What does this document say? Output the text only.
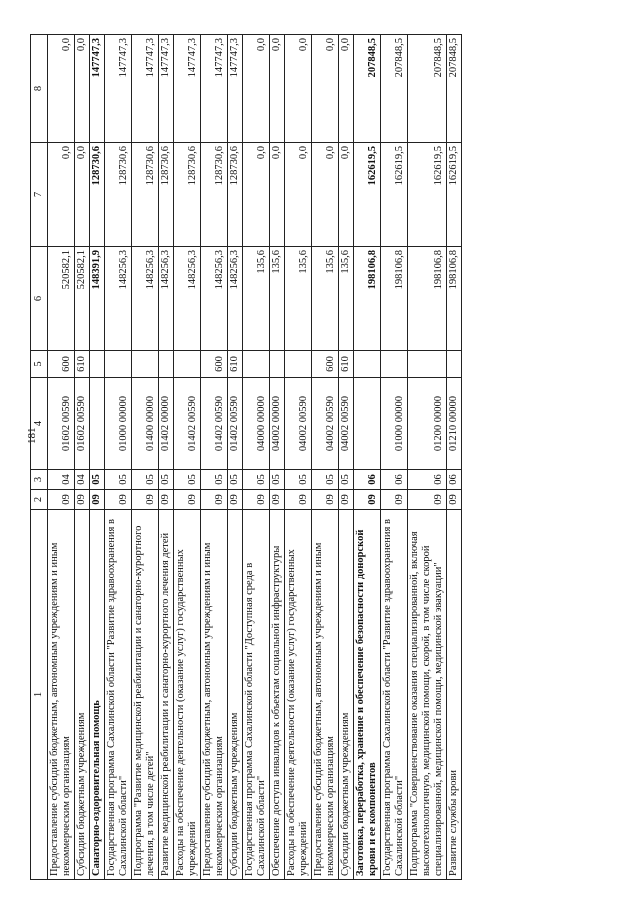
181
1	2	3	4	5	6	7	8
Предоставление субсидий бюджетным, автономным учреждениям и иным некоммерческим организациям	09	04	01602 00590	600	520582,1	0,0	0,0
Субсидии бюджетным учреждениям	09	04	01602 00590	610	520582,1	0,0	0,0
Санаторно-оздоровительная помощь	09	05			148391,9	128730,6	147747,3
Государственная программа Сахалинской области "Развитие здравоохранения в Сахалинской области"	09	05	01000 00000		148256,3	128730,6	147747,3
Подпрограмма "Развитие медицинской реабилитации и санаторно-курортного лечения, в том числе детей"	09	05	01400 00000		148256,3	128730,6	147747,3
Развитие медицинской реабилитации и санаторно-курортного лечения детей	09	05	01402 00000		148256,3	128730,6	147747,3
Расходы на обеспечение деятельности (оказание услуг) государственных учреждений	09	05	01402 00590		148256,3	128730,6	147747,3
Предоставление субсидий бюджетным, автономным учреждениям и иным некоммерческим организациям	09	05	01402 00590	600	148256,3	128730,6	147747,3
Субсидии бюджетным учреждениям	09	05	01402 00590	610	148256,3	128730,6	147747,3
Государственная программа Сахалинской области "Доступная среда в Сахалинской области"	09	05	04000 00000		135,6	0,0	0,0
Обеспечение доступа инвалидов к объектам социальной инфраструктуры	09	05	04002 00000		135,6	0,0	0,0
Расходы на обеспечение деятельности (оказание услуг) государственных учреждений	09	05	04002 00590		135,6	0,0	0,0
Предоставление субсидий бюджетным, автономным учреждениям и иным некоммерческим организациям	09	05	04002 00590	600	135,6	0,0	0,0
Субсидии бюджетным учреждениям	09	05	04002 00590	610	135,6	0,0	0,0
Заготовка, переработка, хранение и обеспечение безопасности донорской крови и ее компонентов	09	06			198106,8	162619,5	207848,5
Государственная программа Сахалинской области "Развитие здравоохранения в Сахалинской области"	09	06	01000 00000		198106,8	162619,5	207848,5
Подпрограмма "Совершенствование оказания специализированной, включая высокотехнологичную, медицинской помощи, скорой, в том числе скорой специализированной, медицинской помощи, медицинской эвакуации"	09	06	01200 00000		198106,8	162619,5	207848,5
Развитие службы крови	09	06	01210 00000		198106,8	162619,5	207848,5
